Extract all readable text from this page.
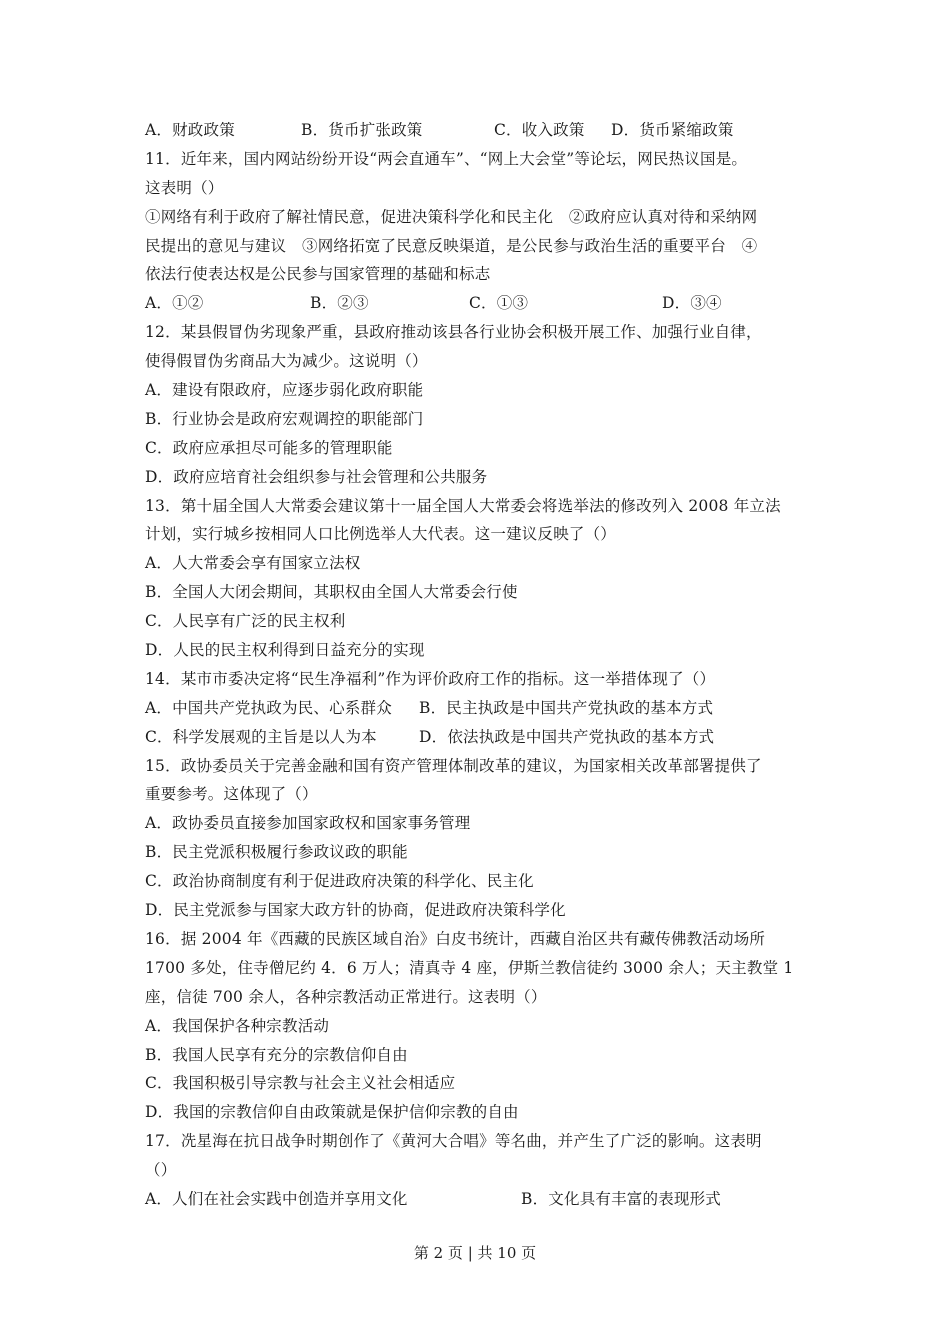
A．财政政策	B．货币扩张政策	C．收入政策 D．货币紧缩政策
11．近年来，国内网站纷纷开设“两会直通车”、“网上大会堂”等论坛，网民热议国是。
这表明（）
①网络有利于政府了解社情民意，促进决策科学化和民主化　②政府应认真对待和采纳网
民提出的意见与建议　③网络拓宽了民意反映渠道，是公民参与政治生活的重要平台　④
依法行使表达权是公民参与国家管理的基础和标志
A．①②	B．②③	C．①③	D．③④
12．某县假冒伪劣现象严重，县政府推动该县各行业协会积极开展工作、加强行业自律，
使得假冒伪劣商品大为减少。这说明（）
A．建设有限政府，应逐步弱化政府职能
B．行业协会是政府宏观调控的职能部门
C．政府应承担尽可能多的管理职能
D．政府应培育社会组织参与社会管理和公共服务
13．第十届全国人大常委会建议第十一届全国人大常委会将选举法的修改列入 2008 年立法
计划，实行城乡按相同人口比例选举人大代表。这一建议反映了（）
A．人大常委会享有国家立法权
B．全国人大闭会期间，其职权由全国人大常委会行使
C．人民享有广泛的民主权利
D．人民的民主权利得到日益充分的实现
14．某市市委决定将“民生净福利”作为评价政府工作的指标。这一举措体现了（）
A．中国共产党执政为民、心系群众 B．民主执政是中国共产党执政的基本方式
C．科学发展观的主旨是以人为本	D．依法执政是中国共产党执政的基本方式
15．政协委员关于完善金融和国有资产管理体制改革的建议，为国家相关改革部署提供了
重要参考。这体现了（）
A．政协委员直接参加国家政权和国家事务管理
B．民主党派积极履行参政议政的职能
C．政治协商制度有利于促进政府决策的科学化、民主化
D．民主党派参与国家大政方针的协商，促进政府决策科学化
16．据 2004 年《西藏的民族区域自治》白皮书统计，西藏自治区共有藏传佛教活动场所
1700 多处，住寺僧尼约 4．6 万人；清真寺 4 座，伊斯兰教信徒约 3000 余人；天主教堂 1
座，信徒 700 余人，各种宗教活动正常进行。这表明（）
A．我国保护各种宗教活动
B．我国人民享有充分的宗教信仰自由
C．我国积极引导宗教与社会主义社会相适应
D．我国的宗教信仰自由政策就是保护信仰宗教的自由
17．冼星海在抗日战争时期创作了《黄河大合唱》等名曲，并产生了广泛的影响。这表明
（）
A．人们在社会实践中创造并享用文化	B．文化具有丰富的表现形式
第 2 页 | 共 10 页
